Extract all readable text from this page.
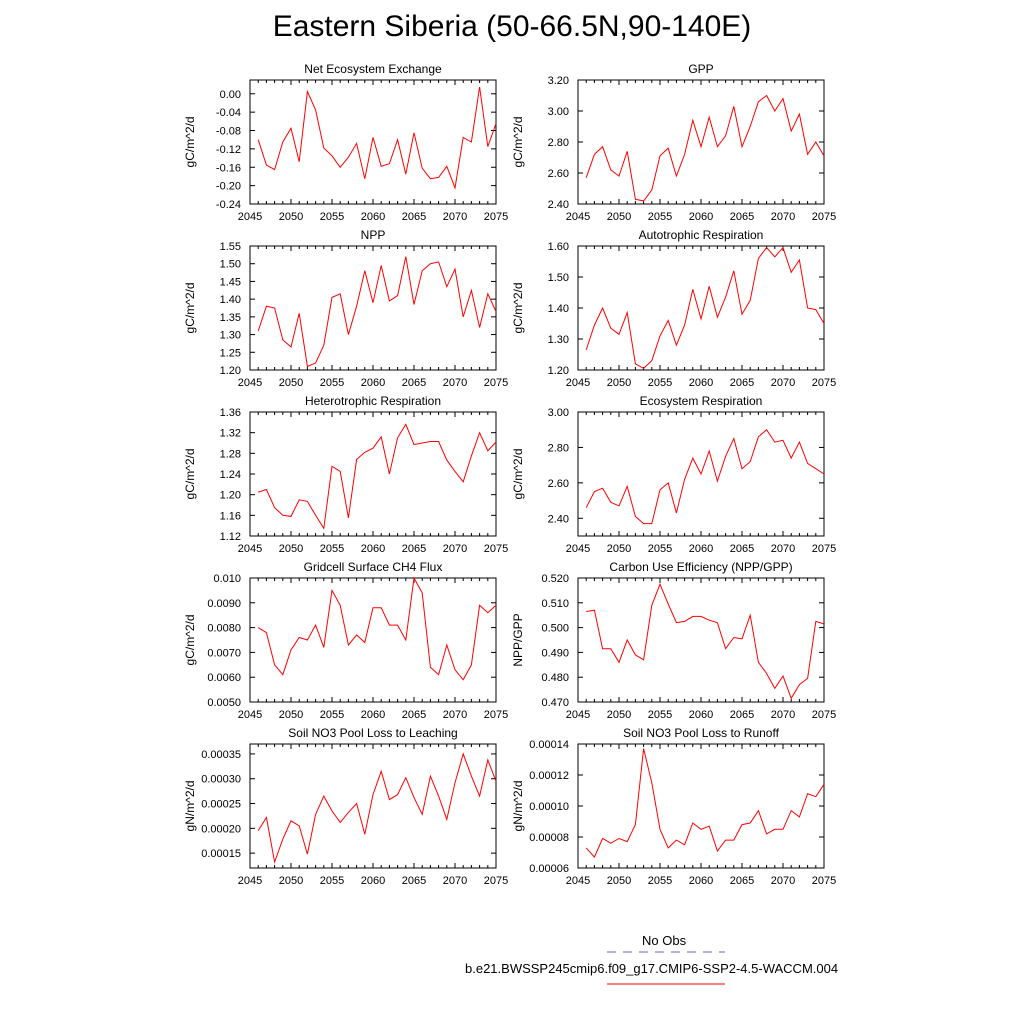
Eastern Siberia (50-66.5N,90-140E)
Net Ecosystem Exchange
2045 2050 2055 2060 2065 2070 2075
0.00
-0.04
-0.08
-0.12
-0.16
-0.20
-0.24
gC/m^2/d
GPP
2045 2050 2055 2060 2065 2070 2075
3.20
3.00
2.80
2.60
2.40
gC/m^2/d
NPP
2045 2050 2055 2060 2065 2070 2075
1.55
1.50
1.45
1.40
1.35
1.30
1.25
1.20
gC/m^2/d
Autotrophic Respiration
2045 2050 2055 2060 2065 2070 2075
1.60
1.50
1.40
1.30
1.20
gC/m^2/d
Heterotrophic Respiration
2045 2050 2055 2060 2065 2070 2075
1.36
1.32
1.28
1.24
1.20
1.16
1.12
gC/m^2/d
Ecosystem Respiration
2045 2050 2055 2060 2065 2070 2075
3.00
2.80
2.60
2.40
gC/m^2/d
Gridcell Surface CH4 Flux
2045 2050 2055 2060 2065 2070 2075
0.010
0.0090
0.0080
0.0070
0.0060
0.0050
gC/m^2/d
Carbon Use Efficiency (NPP/GPP)
2045 2050 2055 2060 2065 2070 2075
0.520
0.510
0.500
0.490
0.480
0.470
NPP/GPP
Soil NO3 Pool Loss to Leaching
2045 2050 2055 2060 2065 2070 2075
0.00035
0.00030
0.00025
0.00020
0.00015
gN/m^2/d
Soil NO3 Pool Loss to Runoff
2045 2050 2055 2060 2065 2070 2075
0.00014
0.00012
0.00010
0.00008
0.00006
gN/m^2/d
No Obs
b.e21.BWSSP245cmip6.f09_g17.CMIP6-SSP2-4.5-WACCM.004
